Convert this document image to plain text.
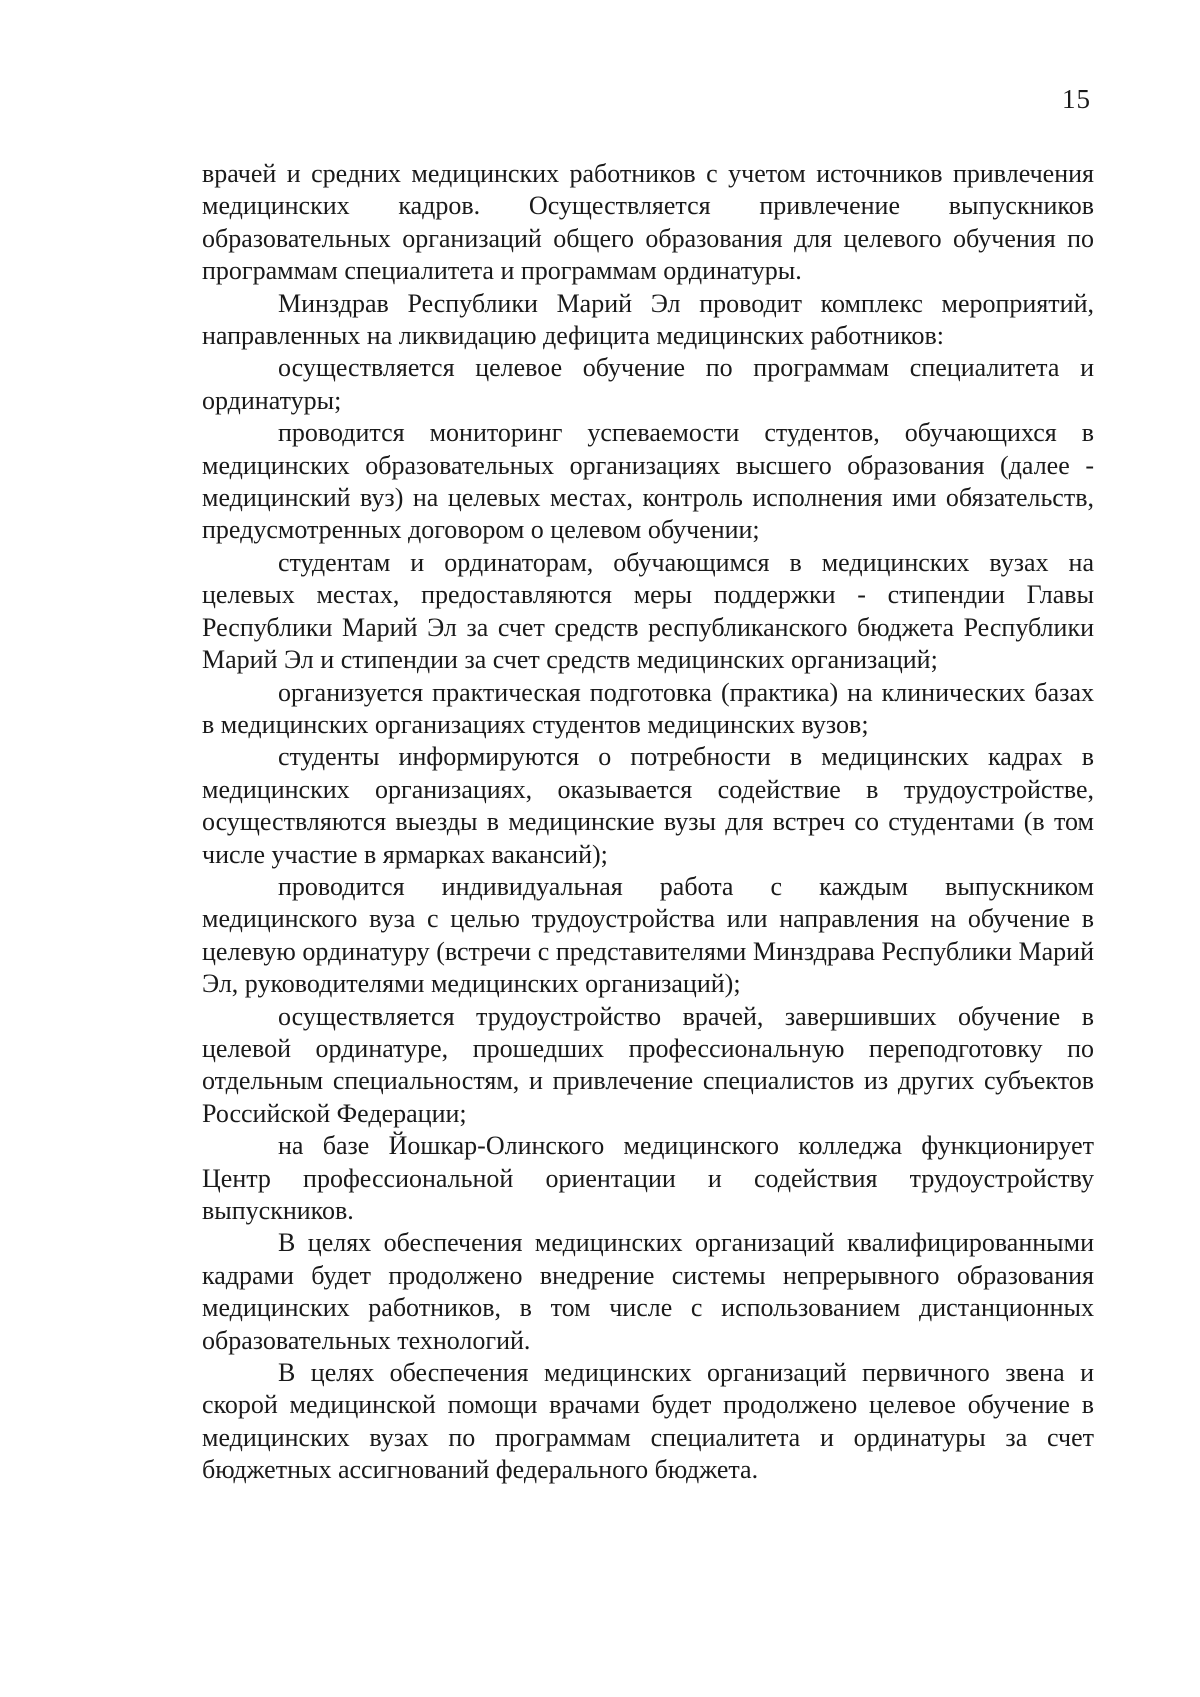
15

врачей и средних медицинских работников с учетом источников привлечения медицинских кадров. Осуществляется привлечение выпускников образовательных организаций общего образования для целевого обучения по программам специалитета и программам ординатуры.

Минздрав Республики Марий Эл проводит комплекс мероприятий, направленных на ликвидацию дефицита медицинских работников:

осуществляется целевое обучение по программам специалитета и ординатуры;

проводится мониторинг успеваемости студентов, обучающихся в медицинских образовательных организациях высшего образования (далее - медицинский вуз) на целевых местах, контроль исполнения ими обязательств, предусмотренных договором о целевом обучении;

студентам и ординаторам, обучающимся в медицинских вузах на целевых местах, предоставляются меры поддержки - стипендии Главы Республики Марий Эл за счет средств республиканского бюджета Республики Марий Эл и стипендии за счет средств медицинских организаций;

организуется практическая подготовка (практика) на клинических базах в медицинских организациях студентов медицинских вузов;

студенты информируются о потребности в медицинских кадрах в медицинских организациях, оказывается содействие в трудоустройстве, осуществляются выезды в медицинские вузы для встреч со студентами (в том числе участие в ярмарках вакансий);

проводится индивидуальная работа с каждым выпускником медицинского вуза с целью трудоустройства или направления на обучение в целевую ординатуру (встречи с представителями Минздрава Республики Марий Эл, руководителями медицинских организаций);

осуществляется трудоустройство врачей, завершивших обучение в целевой ординатуре, прошедших профессиональную переподготовку по отдельным специальностям, и привлечение специалистов из других субъектов Российской Федерации;

на базе Йошкар-Олинского медицинского колледжа функционирует Центр профессиональной ориентации и содействия трудоустройству выпускников.

В целях обеспечения медицинских организаций квалифицированными кадрами будет продолжено внедрение системы непрерывного образования медицинских работников, в том числе с использованием дистанционных образовательных технологий.

В целях обеспечения медицинских организаций первичного звена и скорой медицинской помощи врачами будет продолжено целевое обучение в медицинских вузах по программам специалитета и ординатуры за счет бюджетных ассигнований федерального бюджета.
